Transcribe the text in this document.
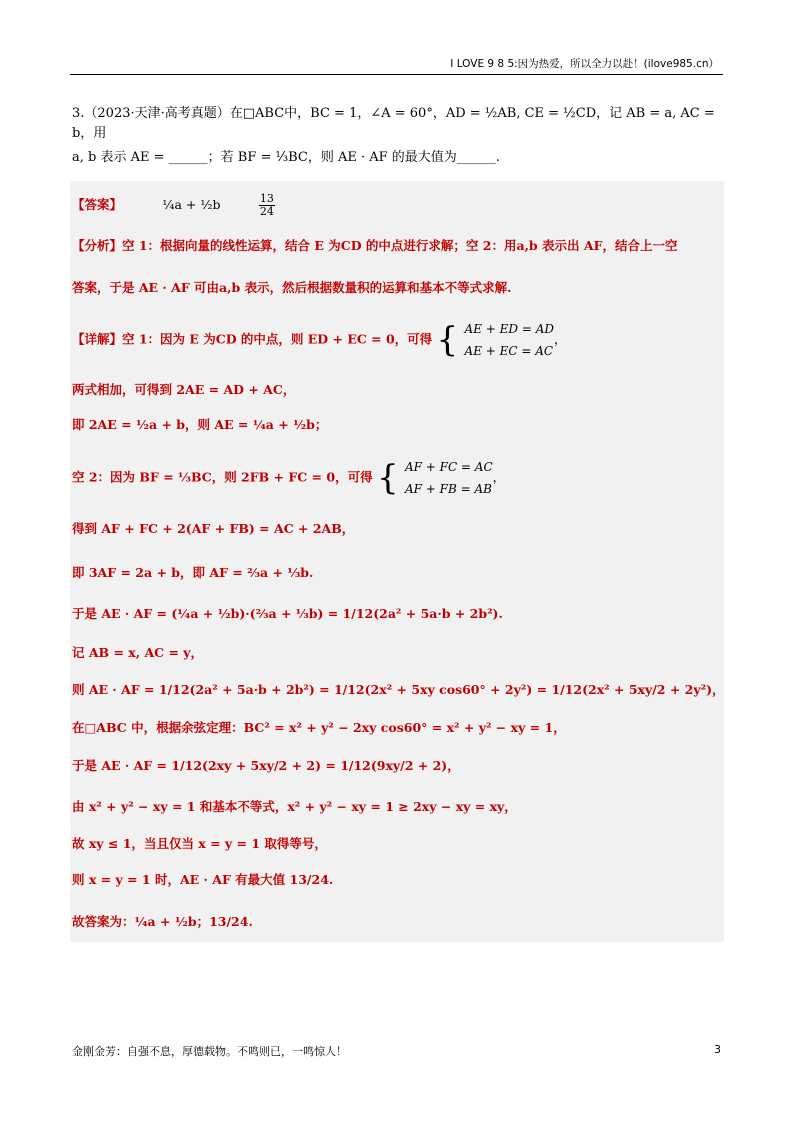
I LOVE 9 8 5:因为热爱，所以全力以赴！(ilove985.cn）
3.（2023·天津·高考真题）在□ABC中，BC = 1，∠A = 60°，AD = ½AB, CE = ½CD，记 AB = a, AC = b，用
a, b 表示 AE = ______；若 BF = ⅓BC，则 AE · AF 的最大值为______.
【答案】	¼a + ½b	$\frac{13}{24}$
【分析】空 1：根据向量的线性运算，结合 E 为CD 的中点进行求解；空 2：用a,b 表示出 AF，结合上一空
答案，于是 AE · AF 可由a,b 表示，然后根据数量积的运算和基本不等式求解.
【详解】空 1：因为 E 为CD 的中点，则 ED + EC = 0，可得 { AE + ED = AD
AE + EC = AC
，
两式相加，可得到 2AE = AD + AC，
即 2AE = ½a + b，则 AE = ¼a + ½b；
空 2：因为 BF = ⅓BC，则 2FB + FC = 0，可得 { AF + FC = AC
AF + FB = AB
，
得到 AF + FC + 2(AF + FB) = AC + 2AB，
即 3AF = 2a + b，即 AF = ⅔a + ⅓b.
于是 AE · AF = (¼a + ½b)·(⅔a + ⅓b) = 1/12(2a² + 5a·b + 2b²).
记 AB = x, AC = y，
则 AE · AF = 1/12(2a² + 5a·b + 2b²) = 1/12(2x² + 5xy cos60° + 2y²) = 1/12(2x² + 5xy/2 + 2y²)，
在□ABC 中，根据余弦定理：BC² = x² + y² − 2xy cos60° = x² + y² − xy = 1，
于是 AE · AF = 1/12(2xy + 5xy/2 + 2) = 1/12(9xy/2 + 2)，
由 x² + y² − xy = 1 和基本不等式，x² + y² − xy = 1 ≥ 2xy − xy = xy，
故 xy ≤ 1，当且仅当 x = y = 1 取得等号，
则 x = y = 1 时，AE · AF 有最大值 13/24.
故答案为：¼a + ½b；13/24.
金刚金芳：自强不息，厚德载物。不鸣则已，一鸣惊人！	3
